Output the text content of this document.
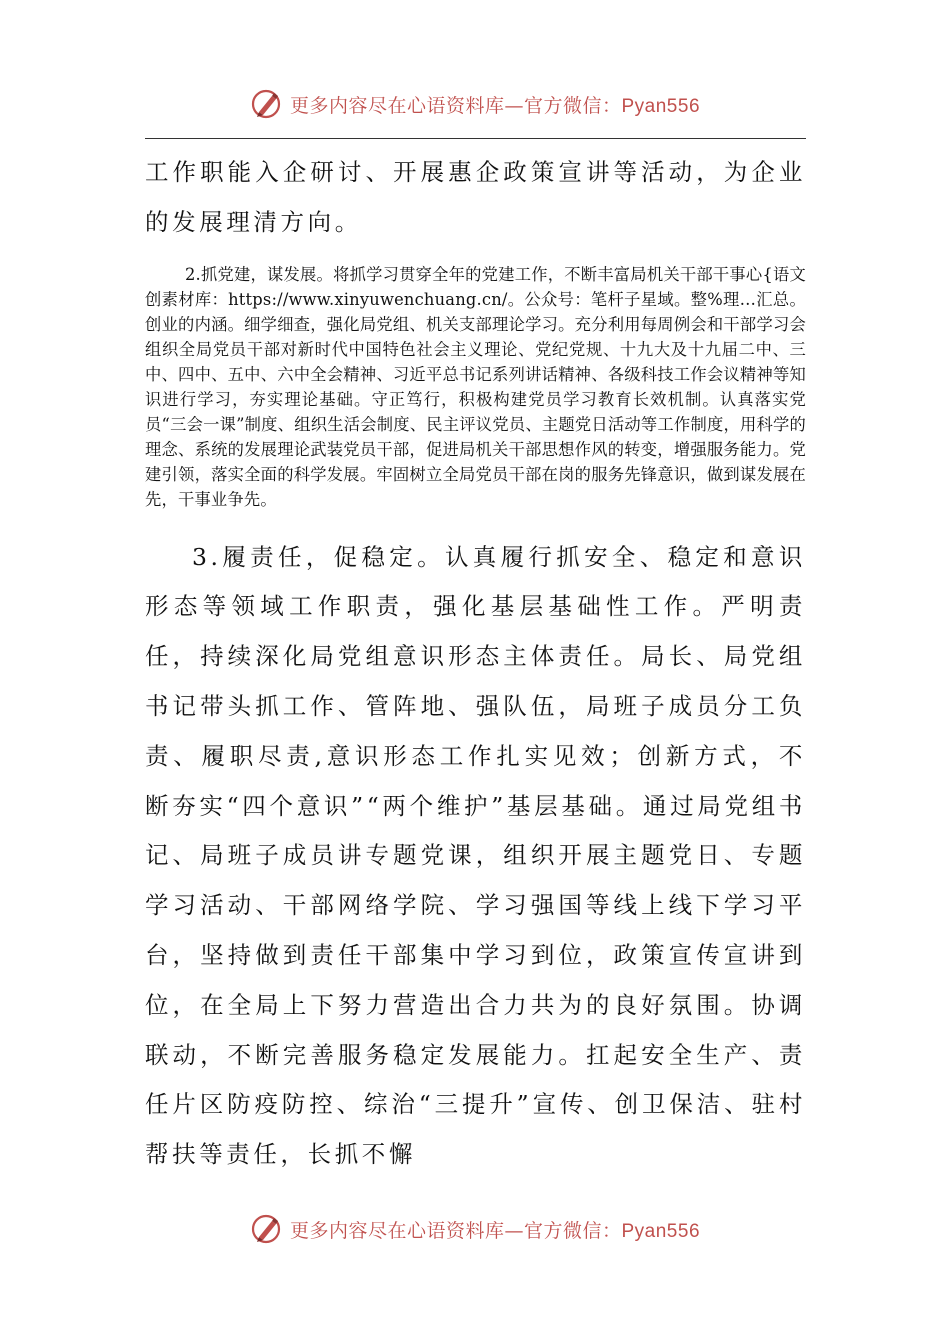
更多内容尽在心语资料库—官方微信：Pyan556

工作职能入企研讨、开展惠企政策宣讲等活动，为企业的发展理清方向。

2.抓党建，谋发展。将抓学习贯穿全年的党建工作，不断丰富局机关干部干事心{语文创素材库：https://www.xinyuwenchuang.cn/。公众号：笔杆子星域。整%理…汇总。创业的内涵。细学细查，强化局党组、机关支部理论学习。充分利用每周例会和干部学习会组织全局党员干部对新时代中国特色社会主义理论、党纪党规、十九大及十九届二中、三中、四中、五中、六中全会精神、习近平总书记系列讲话精神、各级科技工作会议精神等知识进行学习，夯实理论基础。守正笃行，积极构建党员学习教育长效机制。认真落实党员“三会一课”制度、组织生活会制度、民主评议党员、主题党日活动等工作制度，用科学的理念、系统的发展理论武装党员干部，促进局机关干部思想作风的转变，增强服务能力。党建引领，落实全面的科学发展。牢固树立全局党员干部在岗的服务先锋意识，做到谋发展在先，干事业争先。

3.履责任，促稳定。认真履行抓安全、稳定和意识形态等领域工作职责，强化基层基础性工作。严明责任，持续深化局党组意识形态主体责任。局长、局党组书记带头抓工作、管阵地、强队伍，局班子成员分工负责、履职尽责,意识形态工作扎实见效；创新方式，不断夯实“四个意识”“两个维护”基层基础。通过局党组书记、局班子成员讲专题党课，组织开展主题党日、专题学习活动、干部网络学院、学习强国等线上线下学习平台，坚持做到责任干部集中学习到位，政策宣传宣讲到位，在全局上下努力营造出合力共为的良好氛围。协调联动，不断完善服务稳定发展能力。扛起安全生产、责任片区防疫防控、综治“三提升”宣传、创卫保洁、驻村帮扶等责任，长抓不懈

更多内容尽在心语资料库—官方微信：Pyan556
